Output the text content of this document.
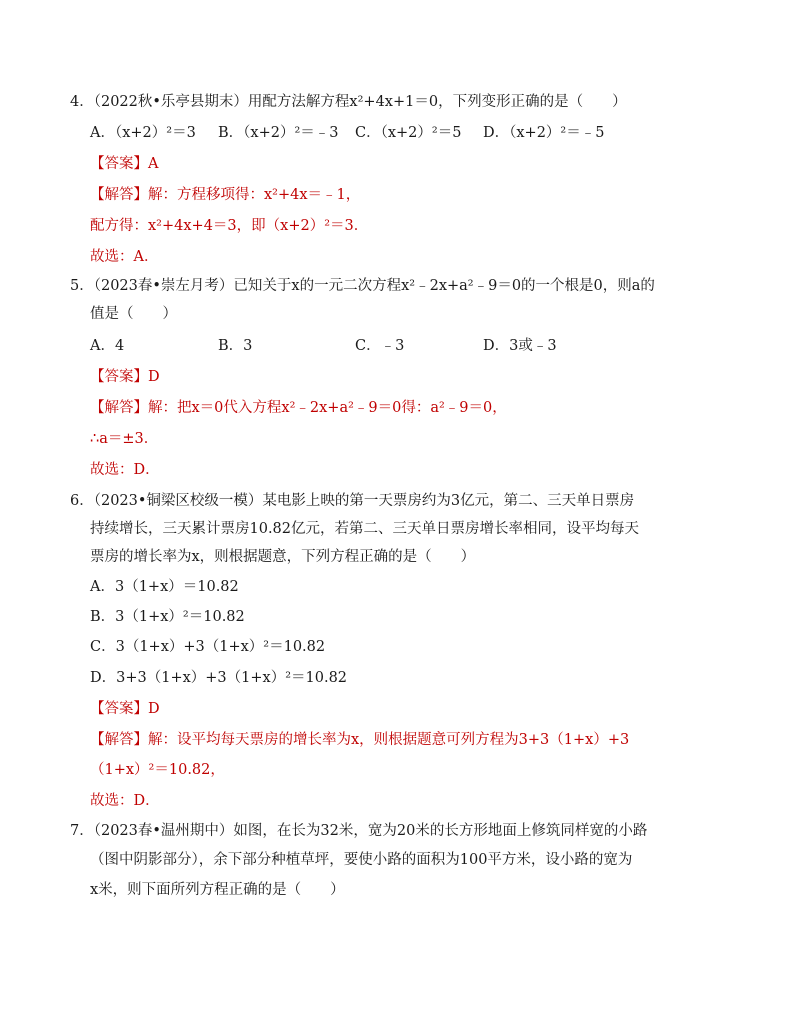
4．（2022秋•乐亭县期末）用配方法解方程x²+4x+1＝0，下列变形正确的是（　　）
A．（x+2）²＝3 B．（x+2）²＝﹣3 C．（x+2）²＝5 D．（x+2）²＝﹣5
【答案】A
【解答】解：方程移项得：x²+4x＝﹣1，
配方得：x²+4x+4＝3，即（x+2）²＝3．
故选：A．
5．（2023春•崇左月考）已知关于x的一元二次方程x²﹣2x+a²﹣9＝0的一个根是0，则a的
值是（　　）
A．4	B．3	C．﹣3	D．3或﹣3
【答案】D
【解答】解：把x＝0代入方程x²﹣2x+a²﹣9＝0得：a²﹣9＝0，
∴a＝±3．
故选：D．
6．（2023•铜梁区校级一模）某电影上映的第一天票房约为3亿元，第二、三天单日票房
持续增长，三天累计票房10.82亿元，若第二、三天单日票房增长率相同，设平均每天
票房的增长率为x，则根据题意，下列方程正确的是（　　）
A．3（1+x）＝10.82
B．3（1+x）²＝10.82
C．3（1+x）+3（1+x）²＝10.82
D．3+3（1+x）+3（1+x）²＝10.82
【答案】D
【解答】解：设平均每天票房的增长率为x，则根据题意可列方程为3+3（1+x）+3
（1+x）²＝10.82，
故选：D．
7．（2023春•温州期中）如图，在长为32米，宽为20米的长方形地面上修筑同样宽的小路
（图中阴影部分），余下部分种植草坪，要使小路的面积为100平方米，设小路的宽为
x米，则下面所列方程正确的是（　　）
